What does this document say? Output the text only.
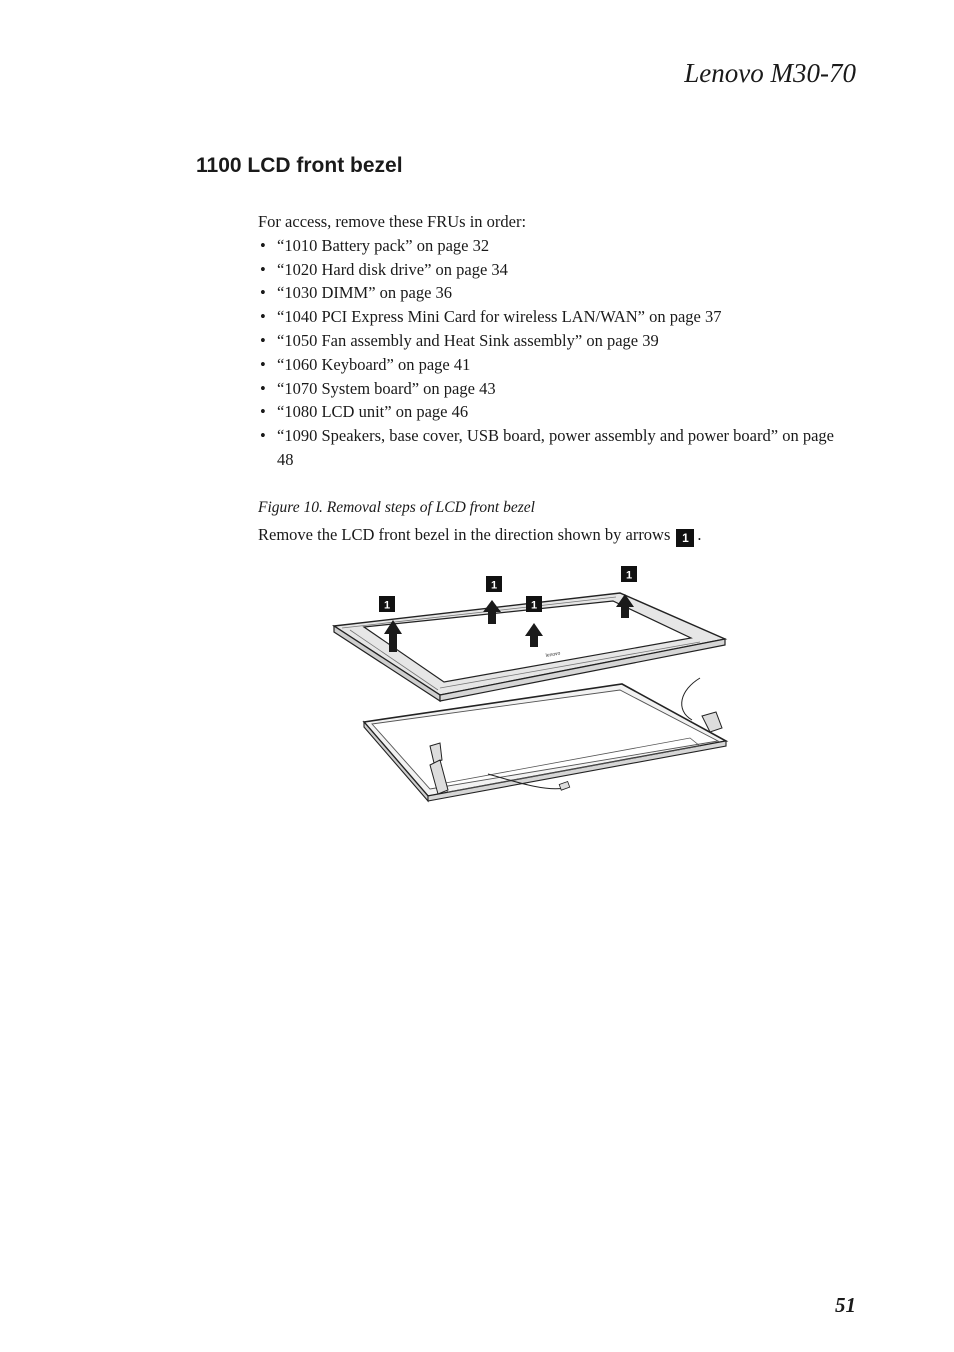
Lenovo M30-70
1100 LCD front bezel

For access, remove these FRUs in order:

• “1010 Battery pack” on page 32
• “1020 Hard disk drive” on page 34
• “1030 DIMM” on page 36
• “1040 PCI Express Mini Card for wireless LAN/WAN” on page 37
• “1050 Fan assembly and Heat Sink assembly” on page 39
• “1060 Keyboard” on page 41
• “1070 System board” on page 43
• “1080 LCD unit” on page 46
• “1090 Speakers, base cover, USB board, power assembly and power board” on page 48
Figure 10. Removal steps of LCD front bezel
Remove the LCD front bezel in the direction shown by arrows 1 .
lenovo
1
1
1
1
51
